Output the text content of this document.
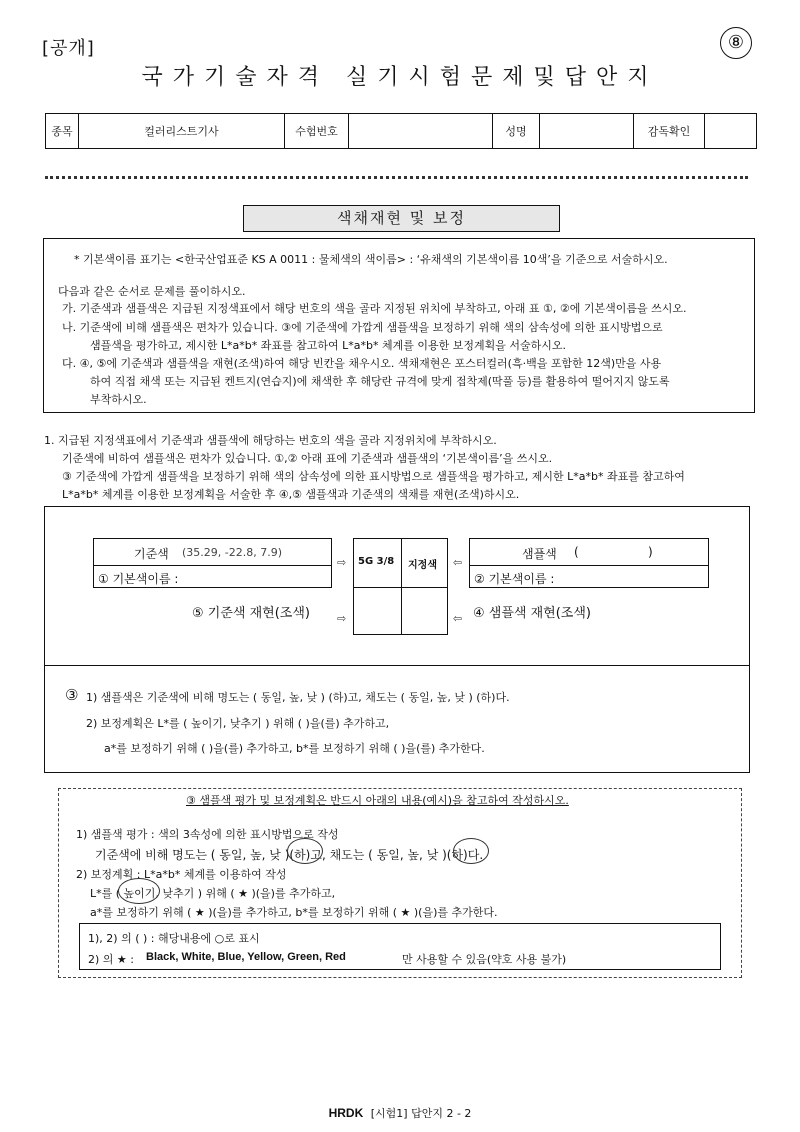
[공개]	⑧
국가기술자격 실기시험문제및답안지
종목	컬러리스트기사	수험번호		성명		감독확인	
색채재현 및 보정
* 기본색이름 표기는 <한국산업표준 KS A 0011 : 물체색의 색이름> : ‘유채색의 기본색이름 10색’을 기준으로 서술하시오.
다음과 같은 순서로 문제를 풀이하시오.
가. 기준색과 샘플색은 지급된 지정색표에서 해당 번호의 색을 골라 지정된 위치에 부착하고, 아래 표 ①, ②에 기본색이름을 쓰시오.
나. 기준색에 비해 샘플색은 편차가 있습니다. ③에 기준색에 가깝게 샘플색을 보정하기 위해 색의 삼속성에 의한 표시방법으로
샘플색을 평가하고, 제시한 L*a*b* 좌표를 참고하여 L*a*b* 체계를 이용한 보정계획을 서술하시오.
다. ④, ⑤에 기준색과 샘플색을 재현(조색)하여 해당 빈칸을 채우시오. 색채재현은 포스터컬러(흑·백을 포함한 12색)만을 사용
하여 직접 채색 또는 지급된 켄트지(연습지)에 채색한 후 해당란 규격에 맞게 접착제(딱풀 등)를 활용하여 떨어지지 않도록
부착하시오.
1. 지급된 지정색표에서 기준색과 샘플색에 해당하는 번호의 색을 골라 지정위치에 부착하시오.
기준색에 비하여 샘플색은 편차가 있습니다. ①,② 아래 표에 기준색과 샘플색의 ‘기본색이름’을 쓰시오.
③ 기준색에 가깝게 샘플색을 보정하기 위해 색의 삼속성에 의한 표시방법으로 샘플색을 평가하고, 제시한 L*a*b* 좌표를 참고하여
L*a*b* 체계를 이용한 보정계획을 서술한 후 ④,⑤ 샘플색과 기준색의 색채를 재현(조색)하시오.
기준색 (35.29, -22.8, 7.9)
① 기본색이름 :
샘플색 (	)
② 기본색이름 :
5G 3/8 지정색
⇨	⇦
⇨	⇦
⑤ 기준색 재현(조색)	④ 샘플색 재현(조색)
③ 1) 샘플색은 기준색에 비해 명도는 ( 동일, 높, 낮 ) (하)고, 채도는 ( 동일, 높, 낮 ) (하)다.
2) 보정계획은 L*를 ( 높이기, 낮추기 ) 위해 ( )을(를) 추가하고,
a*를 보정하기 위해 ( )을(를) 추가하고, b*를 보정하기 위해 ( )을(를) 추가한다.
③ 샘플색 평가 및 보정계획은 반드시 아래의 내용(예시)을 참고하여 작성하시오.
1) 샘플색 평가 : 색의 3속성에 의한 표시방법으로 작성
기준색에 비해 명도는 ( 동일, 높, 낮 )(하)고, 채도는 ( 동일, 높, 낮 )(하)다.
2) 보정계획 : L*a*b* 체계를 이용하여 작성
L*를 ( 높이기, 낮추기 ) 위해 ( ★ )(을)를 추가하고,
a*를 보정하기 위해 ( ★ )(을)를 추가하고, b*를 보정하기 위해 ( ★ )(을)를 추가한다.
1), 2) 의 ( ) : 해당내용에 ○로 표시
2) 의 ★ : Black, White, Blue, Yellow, Green, Red	만 사용할 수 있음(약호 사용 불가)
HRDK [시험1] 답안지 2 - 2
